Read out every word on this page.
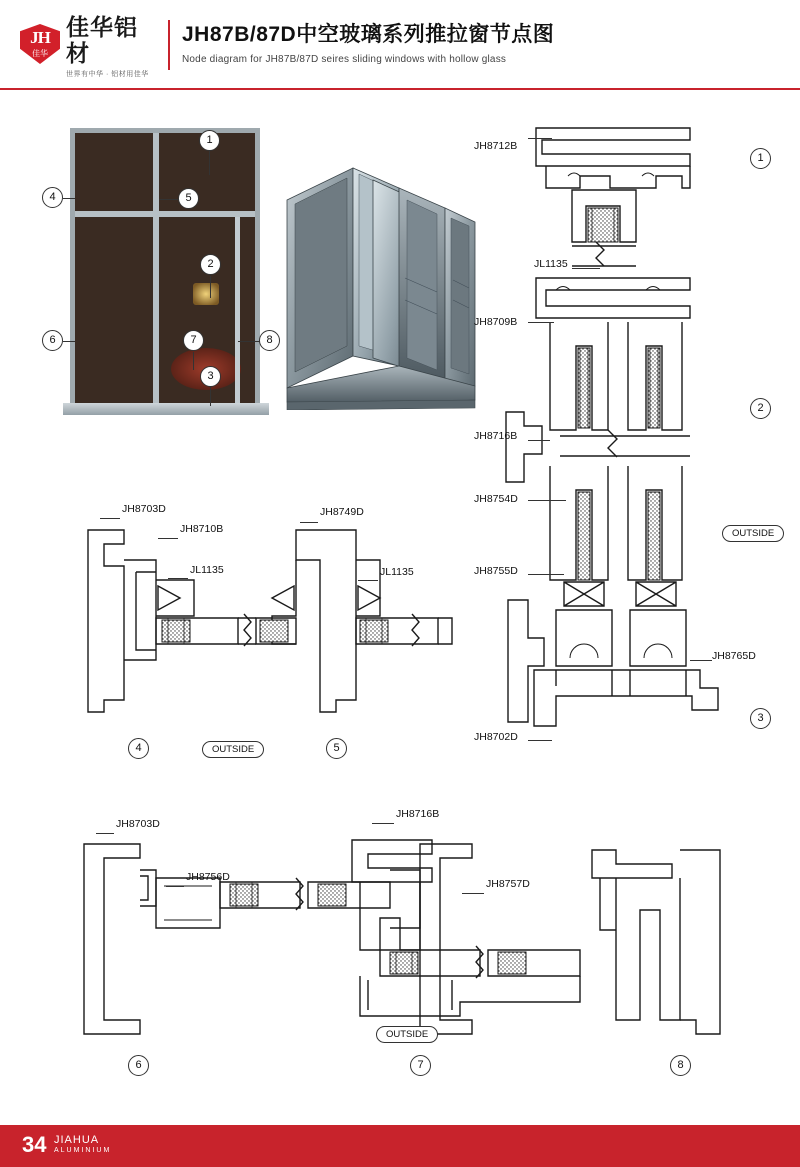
JH
佳华
佳华铝材
世界有中华 · 铝材用佳华
JH87B/87D中空玻璃系列推拉窗节点图
Node diagram for JH87B/87D seires sliding windows with hollow glass
1
4	5
2
6	7	8
3
JH8712B
JL1135
JH8709B
JH8716B
JH8754D
JH8755D
JH8765D
JH8702D
1
2
3
OUTSIDE
JH8703D
JH8710B
JL1135
JH8749D
JL1135
4	5
OUTSIDE
JH8703D
JH8756D
JH8716B
JH8757D
OUTSIDE
6	7	8
34 JIAHUA
ALUMINIUM
